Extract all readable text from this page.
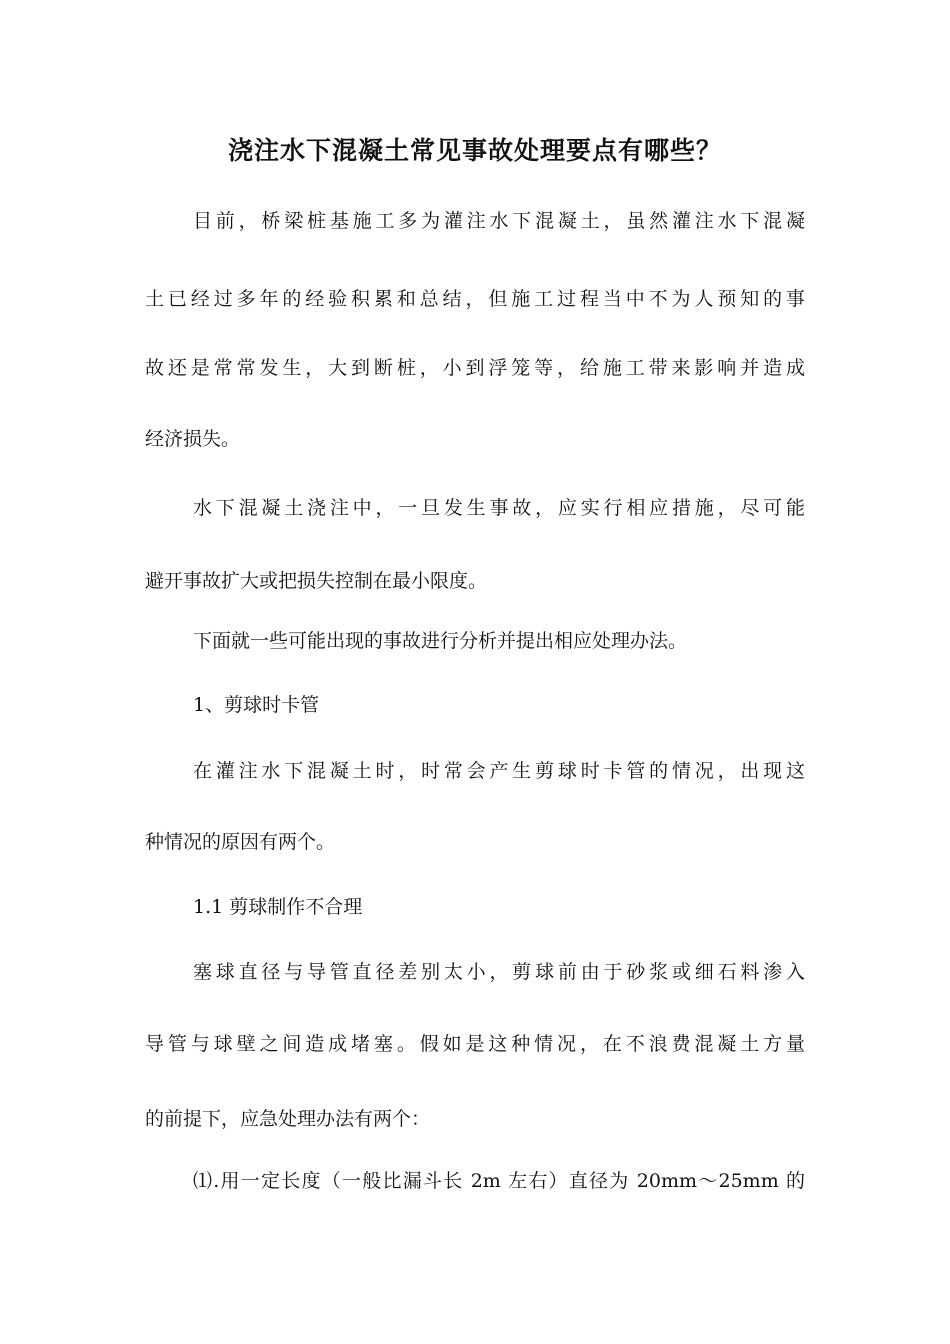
浇注水下混凝土常见事故处理要点有哪些？
目前，桥梁桩基施工多为灌注水下混凝土，虽然灌注水下混凝
土已经过多年的经验积累和总结，但施工过程当中不为人预知的事
故还是常常发生，大到断桩，小到浮笼等，给施工带来影响并造成
经济损失。
水下混凝土浇注中，一旦发生事故，应实行相应措施，尽可能
避开事故扩大或把损失控制在最小限度。
下面就一些可能出现的事故进行分析并提出相应处理办法。
1、剪球时卡管
在灌注水下混凝土时，时常会产生剪球时卡管的情况，出现这
种情况的原因有两个。
1.1 剪球制作不合理
塞球直径与导管直径差别太小，剪球前由于砂浆或细石料渗入
导管与球壁之间造成堵塞。假如是这种情况，在不浪费混凝土方量
的前提下，应急处理办法有两个：
⑴.用一定长度（一般比漏斗长 2m 左右）直径为 20mm～25mm 的
